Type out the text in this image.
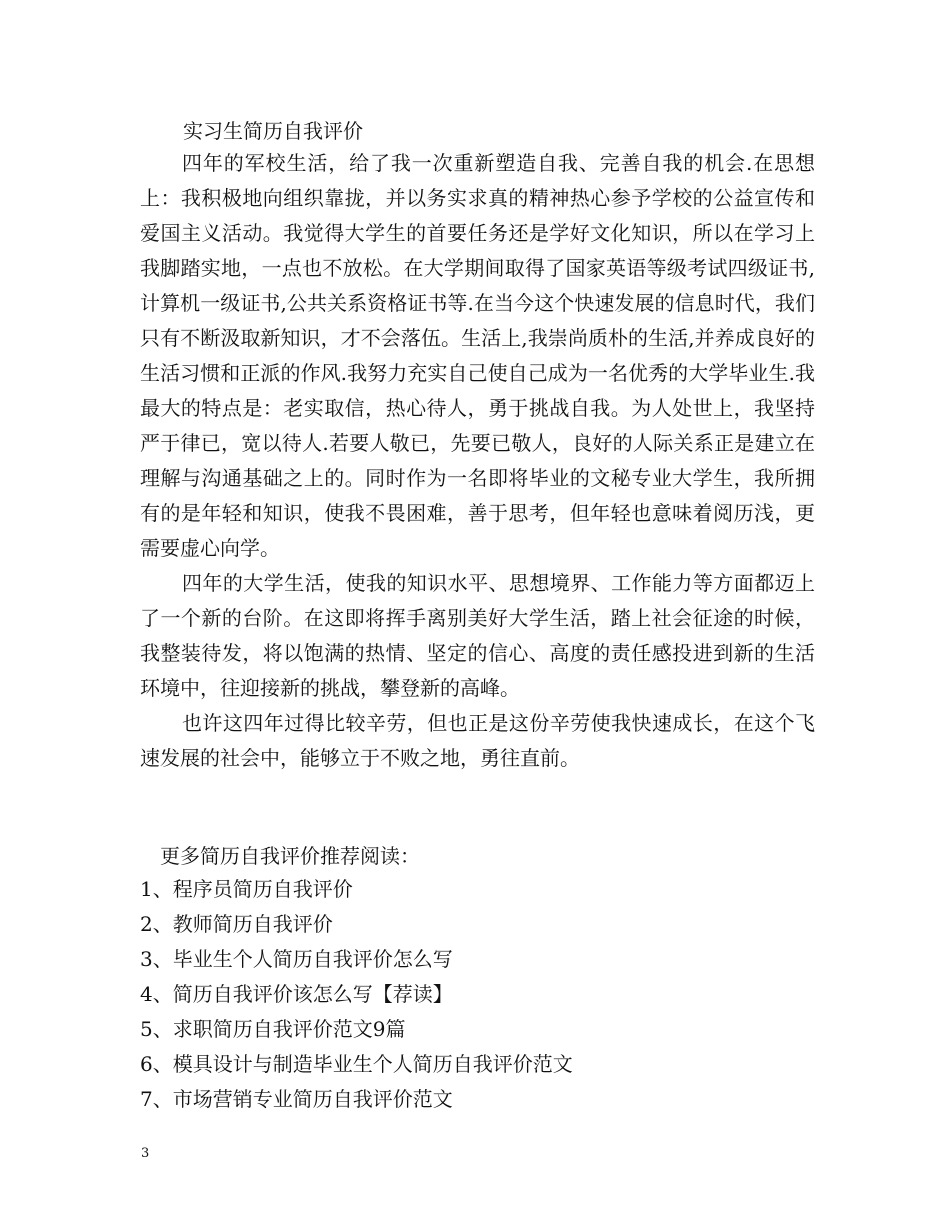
实习生简历自我评价

四年的军校生活，给了我一次重新塑造自我、完善自我的机会.在思想上：我积极地向组织靠拢，并以务实求真的精神热心参予学校的公益宣传和爱国主义活动。我觉得大学生的首要任务还是学好文化知识，所以在学习上我脚踏实地，一点也不放松。在大学期间取得了国家英语等级考试四级证书,计算机一级证书,公共关系资格证书等.在当今这个快速发展的信息时代，我们只有不断汲取新知识，才不会落伍。生活上,我崇尚质朴的生活,并养成良好的生活习惯和正派的作风.我努力充实自己使自己成为一名优秀的大学毕业生.我最大的特点是：老实取信，热心待人，勇于挑战自我。为人处世上，我坚持严于律已，宽以待人.若要人敬已，先要已敬人，良好的人际关系正是建立在理解与沟通基础之上的。同时作为一名即将毕业的文秘专业大学生，我所拥有的是年轻和知识，使我不畏困难，善于思考，但年轻也意味着阅历浅，更需要虚心向学。

四年的大学生活，使我的知识水平、思想境界、工作能力等方面都迈上了一个新的台阶。在这即将挥手离别美好大学生活，踏上社会征途的时候，我整装待发，将以饱满的热情、坚定的信心、高度的责任感投进到新的生活环境中，往迎接新的挑战，攀登新的高峰。

也许这四年过得比较辛劳，但也正是这份辛劳使我快速成长，在这个飞速发展的社会中，能够立于不败之地，勇往直前。

更多简历自我评价推荐阅读：

1、程序员简历自我评价
2、教师简历自我评价
3、毕业生个人简历自我评价怎么写
4、简历自我评价该怎么写【荐读】
5、求职简历自我评价范文9篇
6、模具设计与制造毕业生个人简历自我评价范文
7、市场营销专业简历自我评价范文
3
